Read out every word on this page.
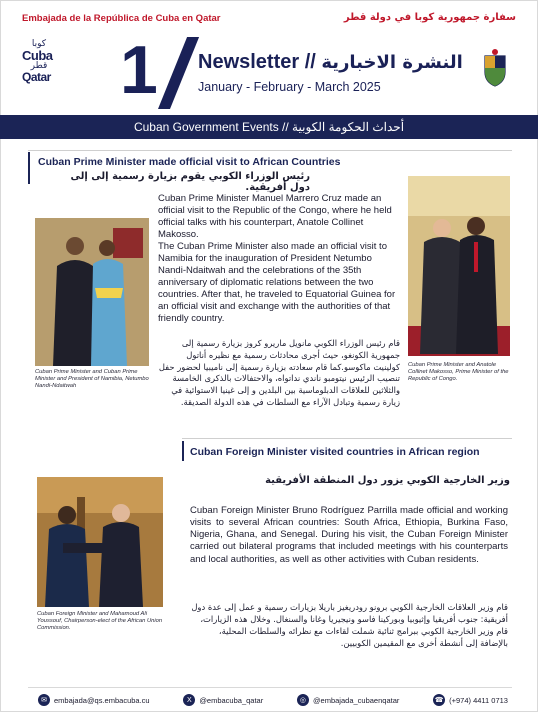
Embajada de la República de Cuba en Qatar	سفارة جمهورية كوبا في دولة قطر
كوبا
Cuba
قطر
Qatar 1 Newsletter // النشرة الاخبارية
January - February - March 2025
Cuban Government Events // أحداث الحكومة الكوبية
Cuban Prime Minister made official visit to African Countries
رئيس الوزراء الكوبي يقوم بزيارة رسمية إلى إلى دول أفريقية.
Cuban Prime Minister and Cuban Prime Minister and President of Namibia, Netumbo Nandi-Ndaitwah

Cuban Prime Minister Manuel Marrero Cruz made an official visit to the Republic of the Congo, where he held official talks with his counterpart, Anatole Collinet Makosso.

The Cuban Prime Minister also made an official visit to Namibia for the inauguration of President Netumbo Nandi-Ndaitwah and the celebrations of the 35th anniversary of diplomatic relations between the two countries. After that, he traveled to Equatorial Guinea for an official visit and exchange with the authorities of that friendly country.

قام رئيس الوزراء الكوبي مانويل ماريرو كروز بزيارة رسمية إلى جمهورية الكونغو، حيث أجرى محادثات رسمية مع نظيره أناتول كولينيت ماكوسو.كما قام سعادته بزيارة رسمية إلى ناميبيا لحضور حفل تنصيب الرئيس نيتومبو ناندي نداتواه، والاحتفالات بالذكرى الخامسة والثلاثين للعلاقات الدبلوماسية بين البلدين و إلى غينيا الاستوائية في زيارة رسمية وتبادل الآراء مع السلطات في هذه الدولة الصديقة.
Cuban Prime Minister and Anatole Collinet Makosso, Prime Minister of the Republic of Congo.
Cuban Foreign Minister visited countries in African region
وزير الخارجية الكوبي يزور دول المنطقة الأفريقية
Cuban Foreign Minister and Mahamoud Ali Youssouf, Chairperson-elect of the African Union Commission.
Cuban Foreign Minister Bruno Rodríguez Parrilla made official and working visits to several African countries: South Africa, Ethiopia, Burkina Faso, Nigeria, Ghana, and Senegal. During his visit, the Cuban Foreign Minister carried out bilateral programs that included meetings with his counterparts and local authorities, as well as other activities with Cuban residents.
قام وزير العلاقات الخارجية الكوبي برونو رودريغيز باريلا بزيارات رسمية و عمل إلى عدة دول أفريقية: جنوب أفريقيا وإثيوبيا وبوركينا فاسو ونيجيريا وغانا والسنغال. وخلال هذه الزيارات، قام وزير الخارجية الكوبي ببرامج ثنائية شملت لقاءات مع نظرائه والسلطات المحلية، بالإضافة إلى أنشطة أخرى مع المقيمين الكوبيين.
✉ embajada@qs.embacuba.cu	X	@embacuba_qatar	◎ @embajada_cubaenqatar	☎ (+974) 4411 0713
